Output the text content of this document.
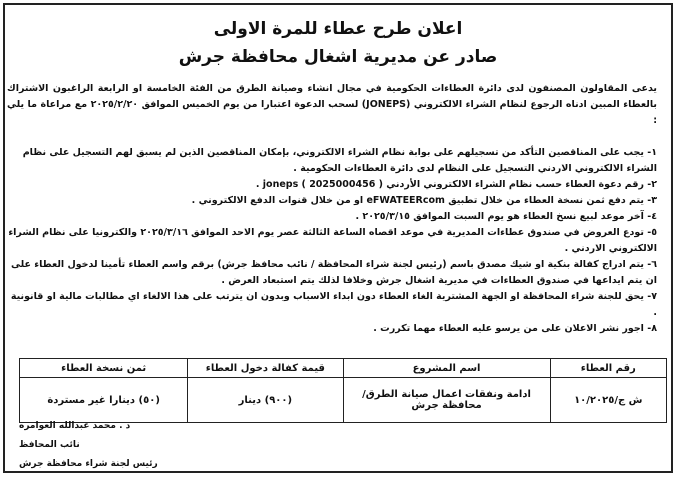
اعلان طرح عطاء للمرة الاولى
صادر عن مديرية اشغال محافظة جرش
يدعى المقاولون المصنفون لدى دائرة العطاءات الحكومية في مجال انشاء وصيانة الطرق من الفئة الخامسة او الرابعة الراغبون الاشتراك بالعطاء المبين ادناه الرجوع لنظام الشراء الالكتروني (JONEPS) لسحب الدعوة اعتبارا من يوم الخميس الموافق ٢٠٢٥/٢/٢٠ مع مراعاة ما يلي :
١- يجب على المناقصين التأكد من تسجيلهم على بوابة نظام الشراء الالكتروني، بإمكان المناقصين الذين لم يسبق لهم التسجيل على نظام الشراء الالكتروني الاردني التسجيل على النظام لدى دائرة العطاءات الحكومية .
٢- رقم دعوة العطاء حسب نظام الشراء الالكتروني الأردني joneps ( 2025000456 ) .
٣- يتم دفع ثمن نسخة العطاء من خلال تطبيق eFWATEERcom او من خلال قنوات الدفع الالكتروني .
٤- آخر موعد لبيع نسخ العطاء هو يوم السبت الموافق ٢٠٢٥/٣/١٥ .
٥- تودع العروض في صندوق عطاءات المديرية في موعد اقصاه الساعة الثالثة عصر يوم الاحد الموافق ٢٠٢٥/٣/١٦ والكترونيا على نظام الشراء الالكتروني الاردني .
٦- يتم ادراج كفالة بنكية او شيك مصدق باسم (رئيس لجنة شراء المحافظة / نائب محافظ جرش) برقم واسم العطاء تأمينا لدخول العطاء على ان يتم ايداعها في صندوق العطاءات في مديرية اشغال جرش وخلافا لذلك يتم استبعاد العرض .
٧- يحق للجنة شراء المحافظة او الجهة المشترية الغاء العطاء دون ابداء الاسباب وبدون ان يترتب على هذا الالغاء اي مطالبات مالية او قانونية .
٨- اجور نشر الاعلان على من يرسو عليه العطاء مهما تكررت .
رقم العطاء	اسم المشروع	قيمة كفالة دخول العطاء	ثمن نسخة العطاء
ش ج/١٠/٢٠٢٥	ادامة ونفقات اعمال صيانة الطرق/ محافظة جرش	(٩٠٠) دينار	(٥٠) دينارا غير مستردة
د . محمد عبدالله العوامره
نائب المحافظ
رئيس لجنة شراء محافظة جرش
